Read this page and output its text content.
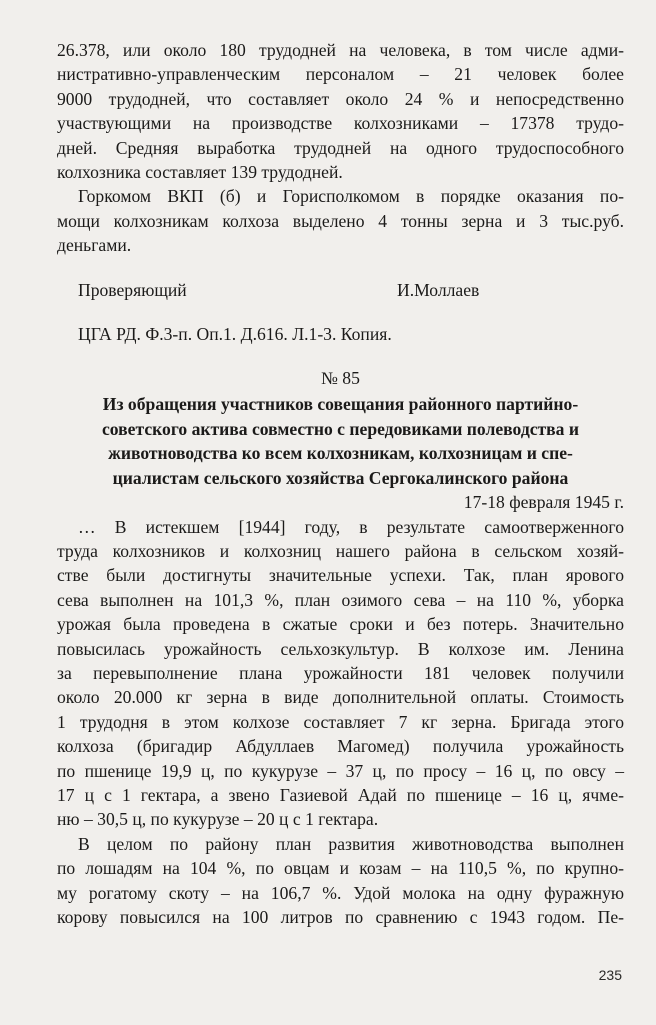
26.378, или около 180 трудодней на человека, в том числе адми-
нистративно-управленческим персоналом – 21 человек более
9000 трудодней, что составляет около 24 % и непосредственно
участвующими на производстве колхозниками – 17378 трудо-
дней. Средняя выработка трудодней на одного трудоспособного
колхозника составляет 139 трудодней.

Горкомом ВКП (б) и Горисполкомом в порядке оказания по-
мощи колхозникам колхоза выделено 4 тонны зерна и 3 тыс.руб.
деньгами.

Проверяющий	И.Моллаев
ЦГА РД. Ф.3-п. Оп.1. Д.616. Л.1-3. Копия.
№ 85
Из обращения участников совещания районного партийно-
советского актива совместно с передовиками полеводства и
животноводства ко всем колхозникам, колхозницам и спе-
циалистам сельского хозяйства Сергокалинского района
17-18 февраля 1945 г.

… В истекшем [1944] году, в результате самоотверженного
труда колхозников и колхозниц нашего района в сельском хозяй-
стве были достигнуты значительные успехи. Так, план ярового
сева выполнен на 101,3 %, план озимого сева – на 110 %, уборка
урожая была проведена в сжатые сроки и без потерь. Значительно
повысилась урожайность сельхозкультур. В колхозе им. Ленина
за перевыполнение плана урожайности 181 человек получили
около 20.000 кг зерна в виде дополнительной оплаты. Стоимость
1 трудодня в этом колхозе составляет 7 кг зерна. Бригада этого
колхоза (бригадир Абдуллаев Магомед) получила урожайность
по пшенице 19,9 ц, по кукурузе – 37 ц, по просу – 16 ц, по овсу –
17 ц с 1 гектара, а звено Газиевой Адай по пшенице – 16 ц, ячме-
ню – 30,5 ц, по кукурузе – 20 ц с 1 гектара.

В целом по району план развития животноводства выполнен
по лошадям на 104 %, по овцам и козам – на 110,5 %, по крупно-
му рогатому скоту – на 106,7 %. Удой молока на одну фуражную
корову повысился на 100 литров по сравнению с 1943 годом. Пе-

235
